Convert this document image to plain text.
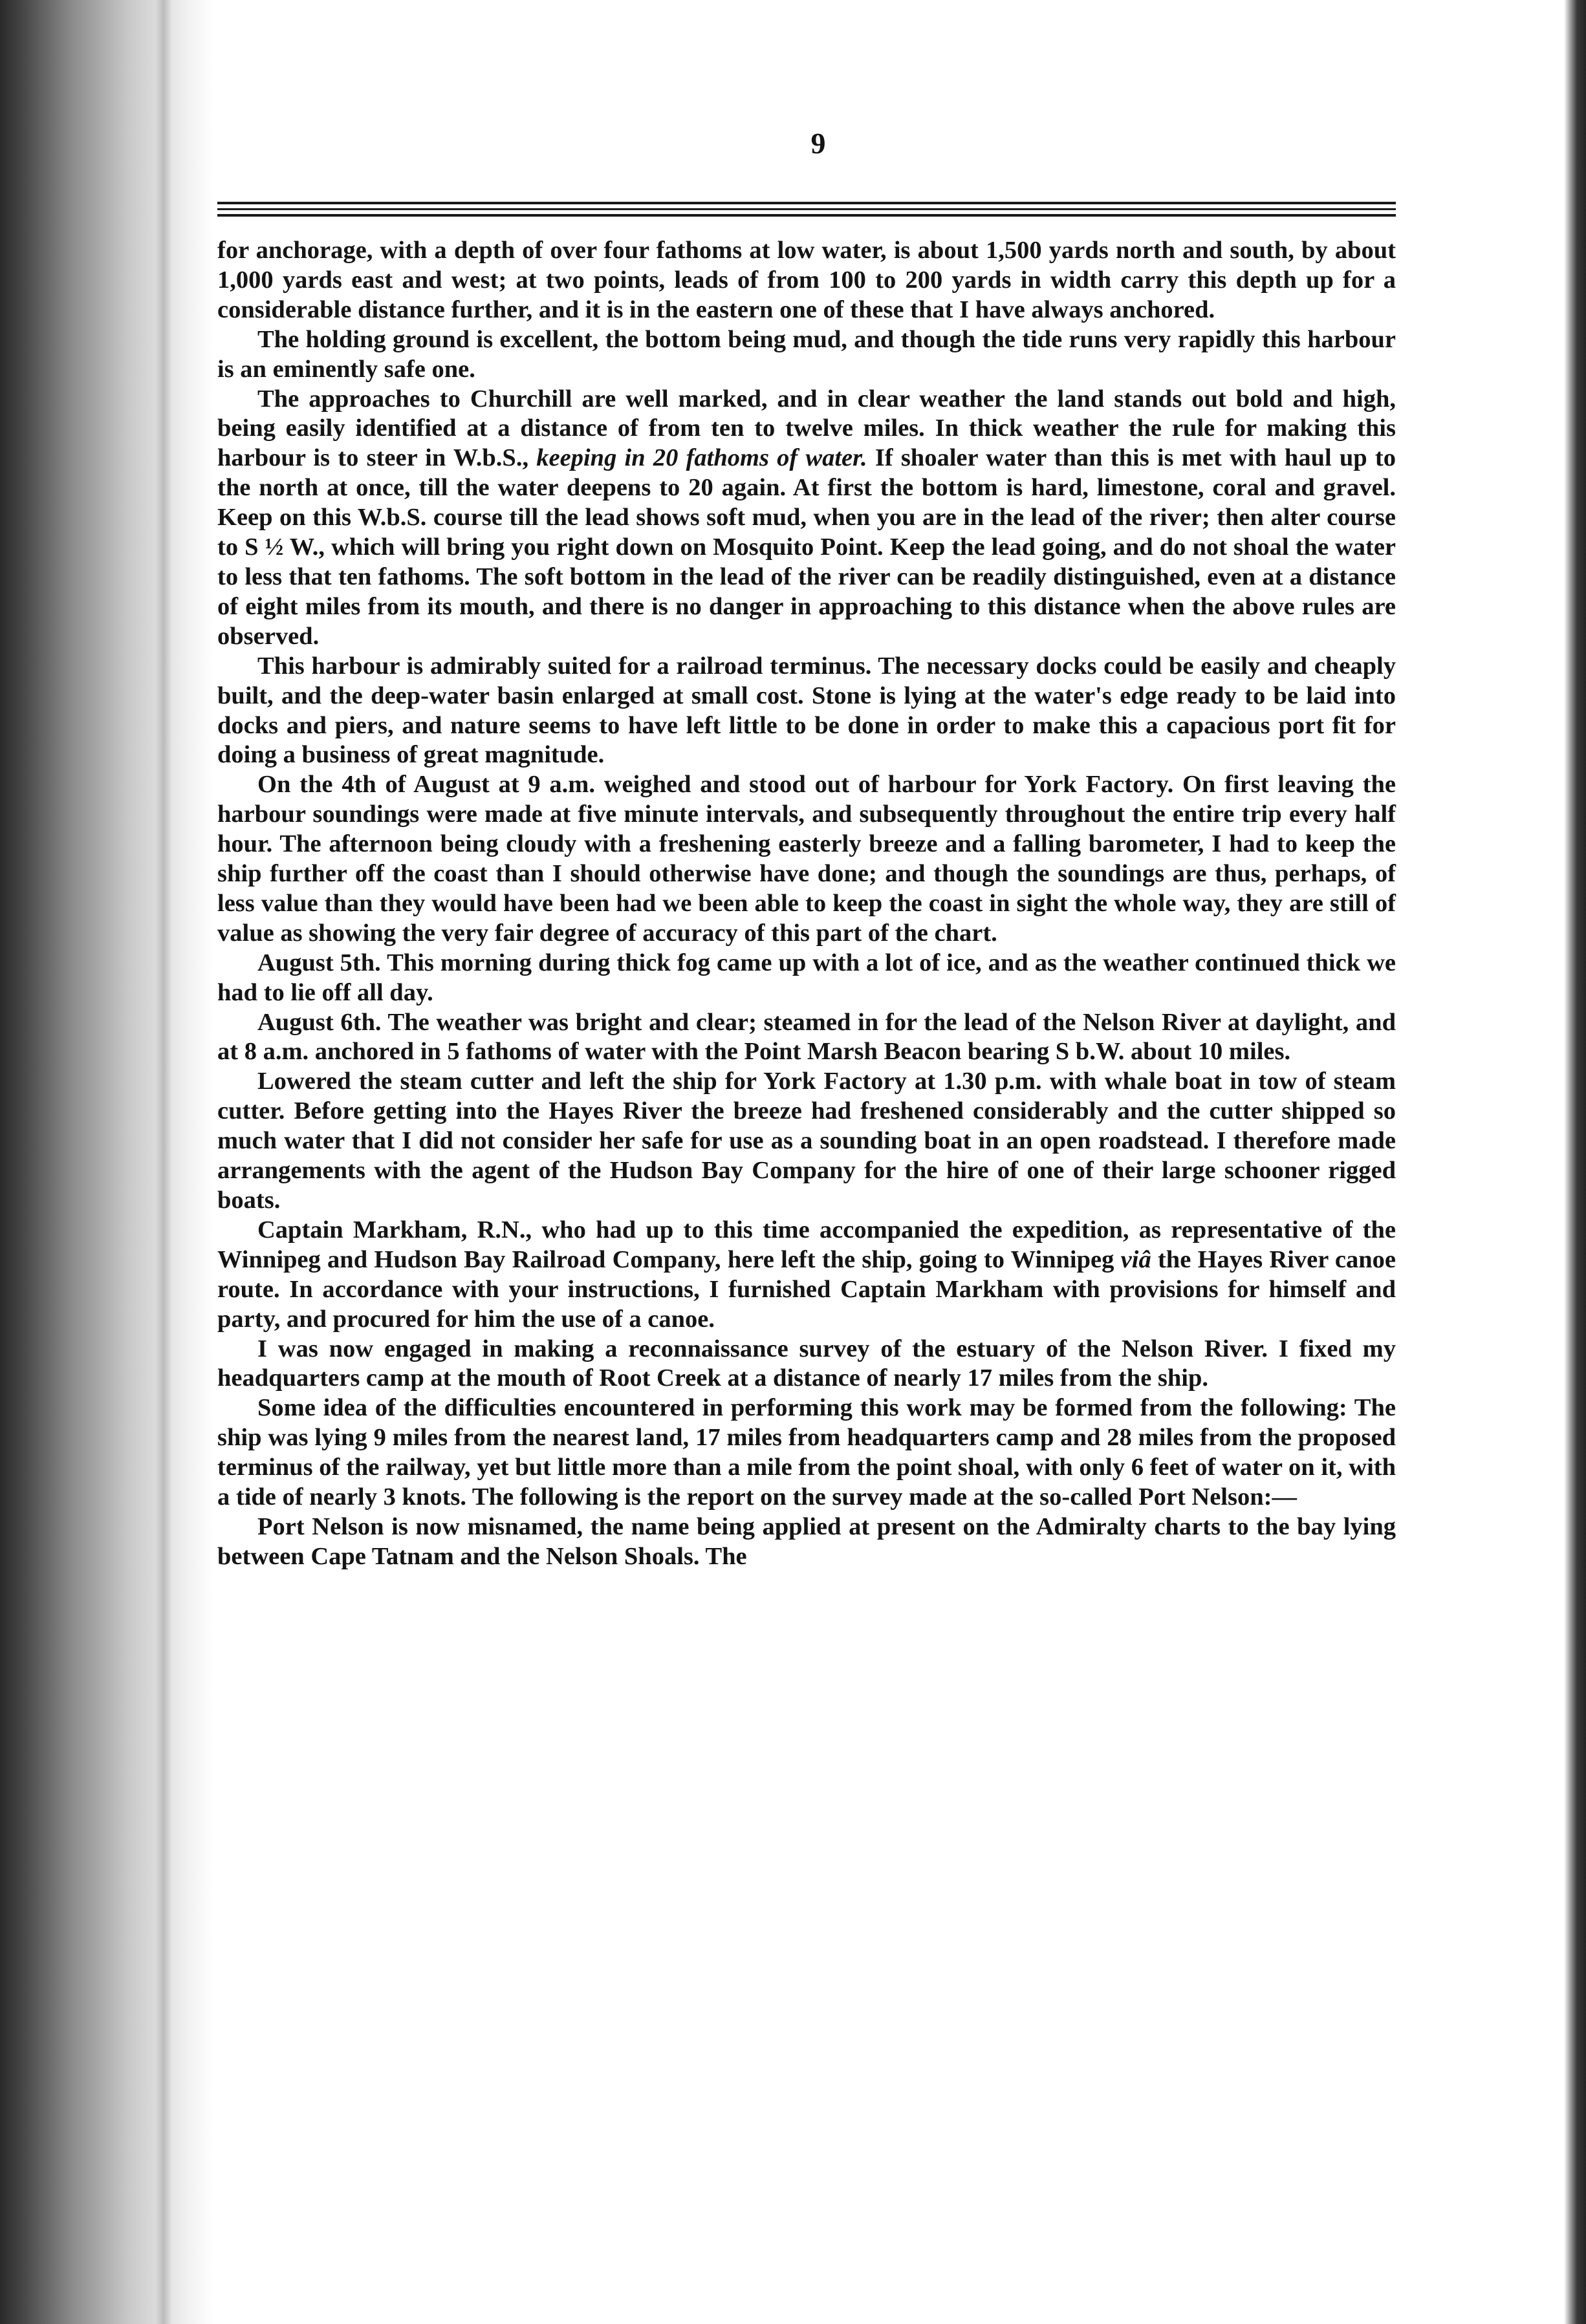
9

for anchorage, with a depth of over four fathoms at low water, is about 1,500 yards north and south, by about 1,000 yards east and west; at two points, leads of from 100 to 200 yards in width carry this depth up for a considerable distance further, and it is in the eastern one of these that I have always anchored.

The holding ground is excellent, the bottom being mud, and though the tide runs very rapidly this harbour is an eminently safe one.

The approaches to Churchill are well marked, and in clear weather the land stands out bold and high, being easily identified at a distance of from ten to twelve miles. In thick weather the rule for making this harbour is to steer in W.b.S., keeping in 20 fathoms of water. If shoaler water than this is met with haul up to the north at once, till the water deepens to 20 again. At first the bottom is hard, limestone, coral and gravel. Keep on this W.b.S. course till the lead shows soft mud, when you are in the lead of the river; then alter course to S ½ W., which will bring you right down on Mosquito Point. Keep the lead going, and do not shoal the water to less that ten fathoms. The soft bottom in the lead of the river can be readily distinguished, even at a distance of eight miles from its mouth, and there is no danger in approaching to this distance when the above rules are observed.

This harbour is admirably suited for a railroad terminus. The necessary docks could be easily and cheaply built, and the deep-water basin enlarged at small cost. Stone is lying at the water's edge ready to be laid into docks and piers, and nature seems to have left little to be done in order to make this a capacious port fit for doing a business of great magnitude.

On the 4th of August at 9 a.m. weighed and stood out of harbour for York Factory. On first leaving the harbour soundings were made at five minute intervals, and subsequently throughout the entire trip every half hour. The afternoon being cloudy with a freshening easterly breeze and a falling barometer, I had to keep the ship further off the coast than I should otherwise have done; and though the soundings are thus, perhaps, of less value than they would have been had we been able to keep the coast in sight the whole way, they are still of value as showing the very fair degree of accuracy of this part of the chart.

August 5th. This morning during thick fog came up with a lot of ice, and as the weather continued thick we had to lie off all day.

August 6th. The weather was bright and clear; steamed in for the lead of the Nelson River at daylight, and at 8 a.m. anchored in 5 fathoms of water with the Point Marsh Beacon bearing S b.W. about 10 miles.

Lowered the steam cutter and left the ship for York Factory at 1.30 p.m. with whale boat in tow of steam cutter. Before getting into the Hayes River the breeze had freshened considerably and the cutter shipped so much water that I did not consider her safe for use as a sounding boat in an open roadstead. I therefore made arrangements with the agent of the Hudson Bay Company for the hire of one of their large schooner rigged boats.

Captain Markham, R.N., who had up to this time accompanied the expedition, as representative of the Winnipeg and Hudson Bay Railroad Company, here left the ship, going to Winnipeg viâ the Hayes River canoe route. In accordance with your instructions, I furnished Captain Markham with provisions for himself and party, and procured for him the use of a canoe.

I was now engaged in making a reconnaissance survey of the estuary of the Nelson River. I fixed my headquarters camp at the mouth of Root Creek at a distance of nearly 17 miles from the ship.

Some idea of the difficulties encountered in performing this work may be formed from the following: The ship was lying 9 miles from the nearest land, 17 miles from headquarters camp and 28 miles from the proposed terminus of the railway, yet but little more than a mile from the point shoal, with only 6 feet of water on it, with a tide of nearly 3 knots. The following is the report on the survey made at the so-called Port Nelson:—

Port Nelson is now misnamed, the name being applied at present on the Admiralty charts to the bay lying between Cape Tatnam and the Nelson Shoals. The
